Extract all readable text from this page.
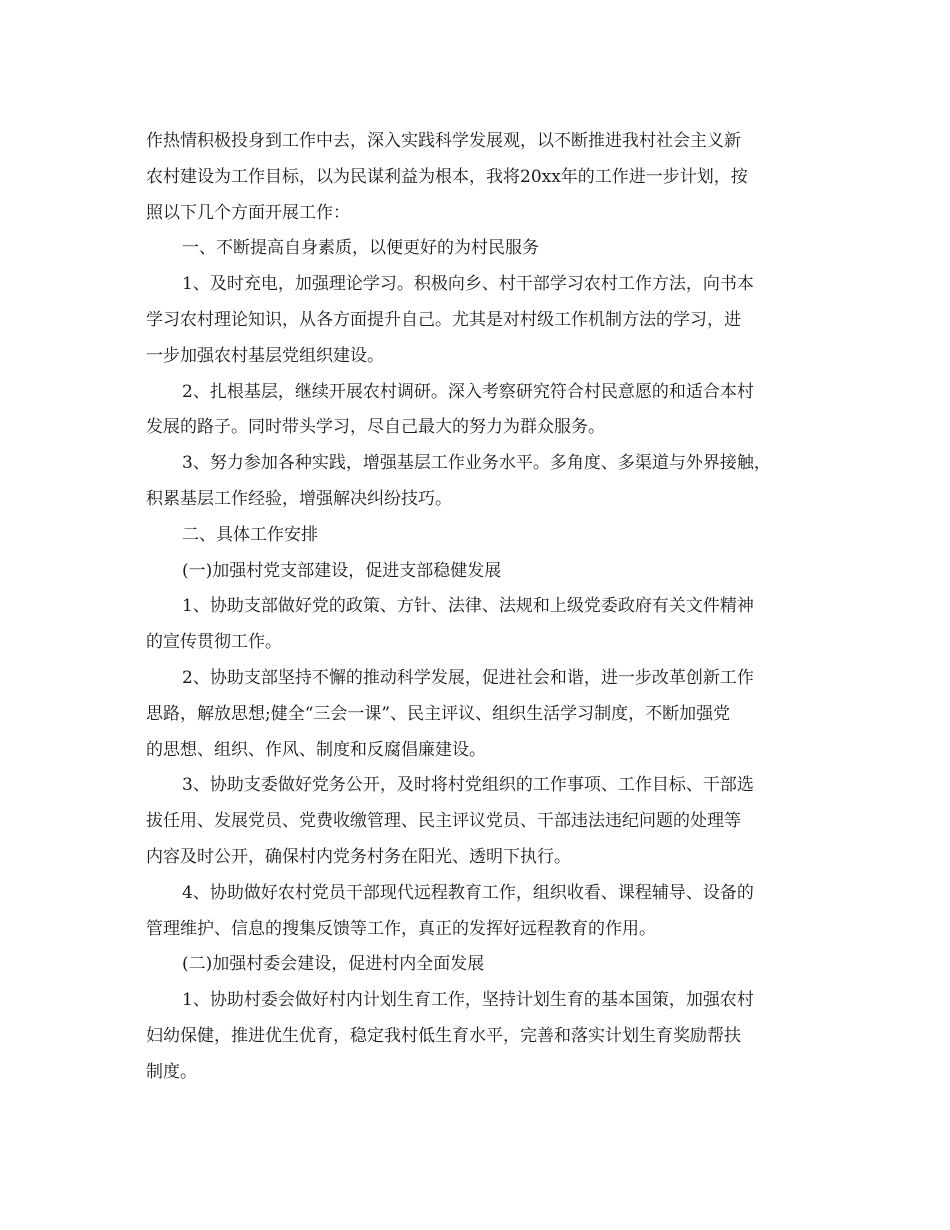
作热情积极投身到工作中去，深入实践科学发展观，以不断推进我村社会主义新
农村建设为工作目标，以为民谋利益为根本，我将20xx年的工作进一步计划，按
照以下几个方面开展工作：
一、不断提高自身素质，以便更好的为村民服务
1、及时充电，加强理论学习。积极向乡、村干部学习农村工作方法，向书本
学习农村理论知识，从各方面提升自己。尤其是对村级工作机制方法的学习，进
一步加强农村基层党组织建设。
2、扎根基层，继续开展农村调研。深入考察研究符合村民意愿的和适合本村
发展的路子。同时带头学习，尽自己最大的努力为群众服务。
3、努力参加各种实践，增强基层工作业务水平。多角度、多渠道与外界接触，
积累基层工作经验，增强解决纠纷技巧。
二、具体工作安排
(一)加强村党支部建设，促进支部稳健发展
1、协助支部做好党的政策、方针、法律、法规和上级党委政府有关文件精神
的宣传贯彻工作。
2、协助支部坚持不懈的推动科学发展，促进社会和谐，进一步改革创新工作
思路，解放思想;健全“三会一课”、民主评议、组织生活学习制度，不断加强党
的思想、组织、作风、制度和反腐倡廉建设。
3、协助支委做好党务公开，及时将村党组织的工作事项、工作目标、干部选
拔任用、发展党员、党费收缴管理、民主评议党员、干部违法违纪问题的处理等
内容及时公开，确保村内党务村务在阳光、透明下执行。
4、协助做好农村党员干部现代远程教育工作，组织收看、课程辅导、设备的
管理维护、信息的搜集反馈等工作，真正的发挥好远程教育的作用。
(二)加强村委会建设，促进村内全面发展
1、协助村委会做好村内计划生育工作，坚持计划生育的基本国策，加强农村
妇幼保健，推进优生优育，稳定我村低生育水平，完善和落实计划生育奖励帮扶
制度。
